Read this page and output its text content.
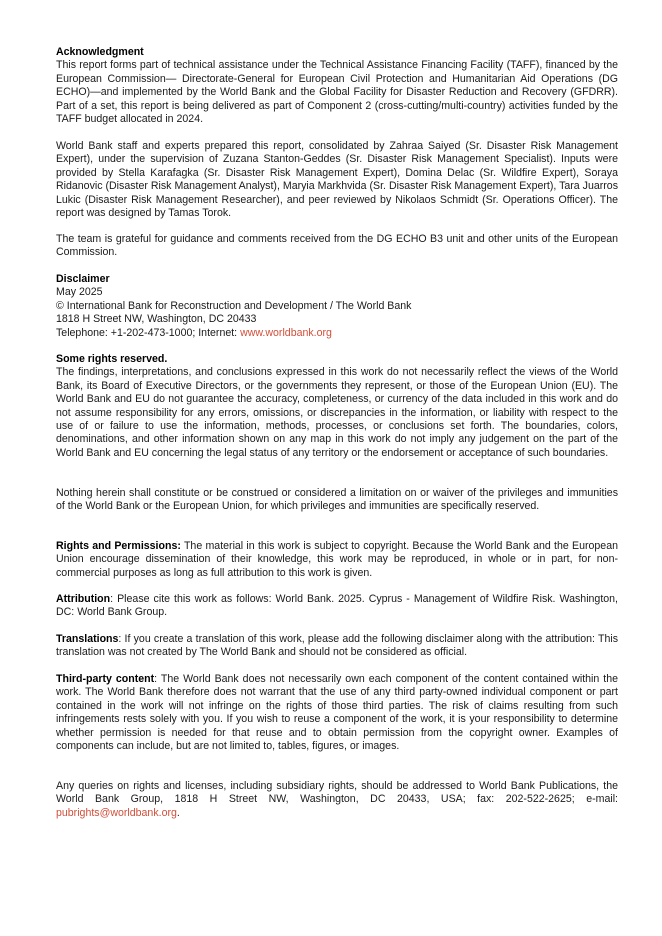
Acknowledgment

This report forms part of technical assistance under the Technical Assistance Financing Facility (TAFF), financed by the European Commission— Directorate-General for European Civil Protection and Humanitarian Aid Operations (DG ECHO)—and implemented by the World Bank and the Global Facility for Disaster Reduction and Recovery (GFDRR). Part of a set, this report is being delivered as part of Component 2 (cross-cutting/multi-country) activities funded by the TAFF budget allocated in 2024.

World Bank staff and experts prepared this report, consolidated by Zahraa Saiyed (Sr. Disaster Risk Management Expert), under the supervision of Zuzana Stanton-Geddes (Sr. Disaster Risk Management Specialist). Inputs were provided by Stella Karafagka (Sr. Disaster Risk Management Expert), Domina Delac (Sr. Wildfire Expert), Soraya Ridanovic (Disaster Risk Management Analyst), Maryia Markhvida (Sr. Disaster Risk Management Expert), Tara Juarros Lukic (Disaster Risk Management Researcher), and peer reviewed by Nikolaos Schmidt (Sr. Operations Officer). The report was designed by Tamas Torok.

The team is grateful for guidance and comments received from the DG ECHO B3 unit and other units of the European Commission.

Disclaimer

May 2025

© International Bank for Reconstruction and Development / The World Bank

1818 H Street NW, Washington, DC 20433

Telephone: +1-202-473-1000; Internet: www.worldbank.org

Some rights reserved.

The findings, interpretations, and conclusions expressed in this work do not necessarily reflect the views of the World Bank, its Board of Executive Directors, or the governments they represent, or those of the European Union (EU). The World Bank and EU do not guarantee the accuracy, completeness, or currency of the data included in this work and do not assume responsibility for any errors, omissions, or discrepancies in the information, or liability with respect to the use of or failure to use the information, methods, processes, or conclusions set forth. The boundaries, colors, denominations, and other information shown on any map in this work do not imply any judgement on the part of the World Bank and EU concerning the legal status of any territory or the endorsement or acceptance of such boundaries.

Nothing herein shall constitute or be construed or considered a limitation on or waiver of the privileges and immunities of the World Bank or the European Union, for which privileges and immunities are specifically reserved.

Rights and Permissions: The material in this work is subject to copyright. Because the World Bank and the European Union encourage dissemination of their knowledge, this work may be reproduced, in whole or in part, for non-commercial purposes as long as full attribution to this work is given.

Attribution: Please cite this work as follows: World Bank. 2025. Cyprus - Management of Wildfire Risk. Washington, DC: World Bank Group.

Translations: If you create a translation of this work, please add the following disclaimer along with the attribution: This translation was not created by The World Bank and should not be considered as official.

Third-party content: The World Bank does not necessarily own each component of the content contained within the work. The World Bank therefore does not warrant that the use of any third party-owned individual component or part contained in the work will not infringe on the rights of those third parties. The risk of claims resulting from such infringements rests solely with you. If you wish to reuse a component of the work, it is your responsibility to determine whether permission is needed for that reuse and to obtain permission from the copyright owner. Examples of components can include, but are not limited to, tables, figures, or images.

Any queries on rights and licenses, including subsidiary rights, should be addressed to World Bank Publications, the World Bank Group, 1818 H Street NW, Washington, DC 20433, USA; fax: 202-522-2625; e-mail: pubrights@worldbank.org.
